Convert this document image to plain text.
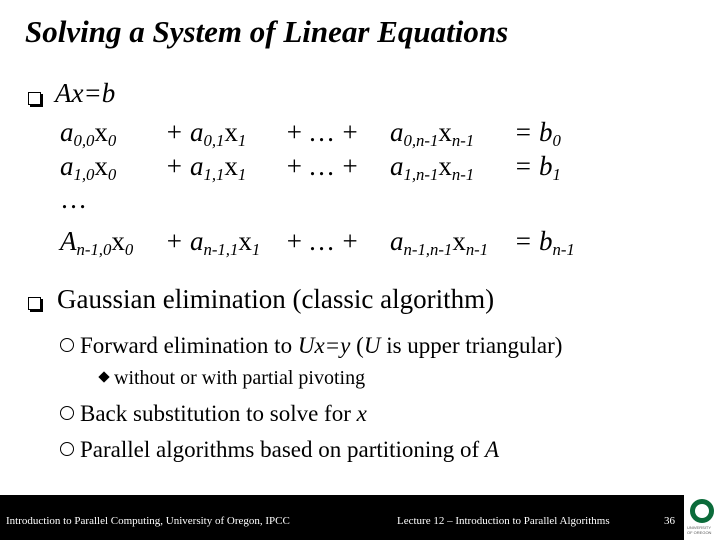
Solving a System of Linear Equations
Ax=b
$a_{0,0}x_0 + a_{0,1}x_1$ + … + $a_{0,n-1}x_{n-1} = b_0$
$a_{1,0}x_0 + a_{1,1}x_1$ + … + $a_{1,n-1}x_{n-1} = b_1$
…
$A_{n-1,0}x_0 + a_{n-1,1}x_1$ + … + $a_{n-1,n-1}x_{n-1} = b_{n-1}$
Gaussian elimination (classic algorithm)
Forward elimination to Ux=y (U is upper triangular)
without or with partial pivoting
Back substitution to solve for x
Parallel algorithms based on partitioning of A
Introduction to Parallel Computing, University of Oregon, IPCC	Lecture 12 – Introduction to Parallel Algorithms	36
UNIVERSITY
OF OREGON
